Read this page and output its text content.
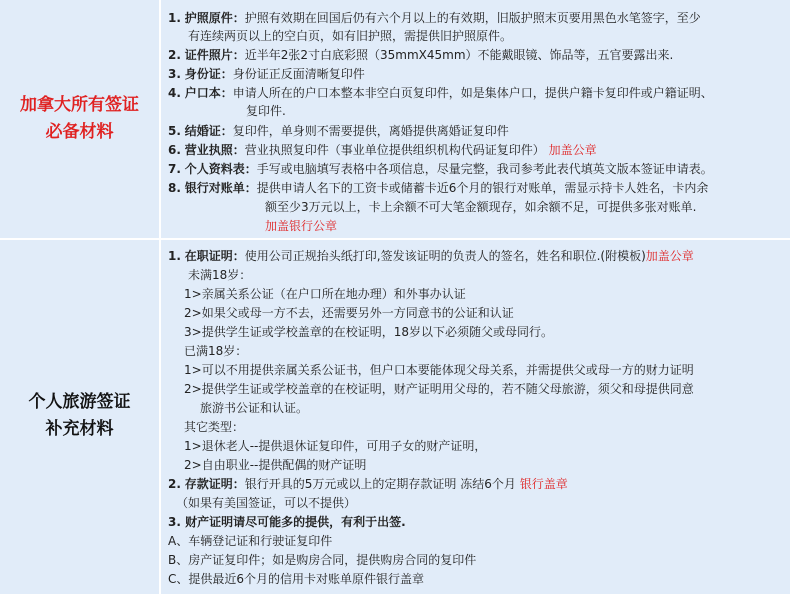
加拿大所有签证
必备材料
个人旅游签证
补充材料
1. 护照原件：护照有效期在回国后仍有六个月以上的有效期，旧版护照末页要用黑色水笔签字，至少
有连续两页以上的空白页，如有旧护照，需提供旧护照原件。
2. 证件照片：近半年2张2寸白底彩照（35mmX45mm）不能戴眼镜、饰品等，五官要露出来.
3. 身份证：身份证正反面清晰复印件
4. 户口本：申请人所在的户口本整本非空白页复印件，如是集体户口，提供户籍卡复印件或户籍证明、
复印件.
5. 结婚证：复印件，单身则不需要提供，离婚提供离婚证复印件
6. 营业执照：营业执照复印件（事业单位提供组织机构代码证复印件） 加盖公章
7. 个人资料表：手写或电脑填写表格中各项信息，尽量完整，我司参考此表代填英文版本签证申请表。
8. 银行对账单：提供申请人名下的工资卡或储蓄卡近6个月的银行对账单，需显示持卡人姓名，卡内余
额至少3万元以上，卡上余额不可大笔金额现存，如余额不足，可提供多张对账单.
加盖银行公章
1. 在职证明：使用公司正规抬头纸打印,签发该证明的负责人的签名，姓名和职位.(附模板)加盖公章
未满18岁：
1>亲属关系公证（在户口所在地办理）和外事办认证
2>如果父或母一方不去，还需要另外一方同意书的公证和认证
3>提供学生证或学校盖章的在校证明，18岁以下必须随父或母同行。
已满18岁：
1>可以不用提供亲属关系公证书，但户口本要能体现父母关系，并需提供父或母一方的财力证明
2>提供学生证或学校盖章的在校证明，财产证明用父母的，若不随父母旅游，须父和母提供同意
旅游书公证和认证。
其它类型：
1>退休老人--提供退休证复印件，可用子女的财产证明，
2>自由职业--提供配偶的财产证明
2. 存款证明：银行开具的5万元或以上的定期存款证明 冻结6个月 银行盖章
（如果有美国签证，可以不提供）
3. 财产证明请尽可能多的提供，有利于出签.
A、车辆登记证和行驶证复印件
B、房产证复印件；如是购房合同，提供购房合同的复印件
C、提供最近6个月的信用卡对账单原件银行盖章
